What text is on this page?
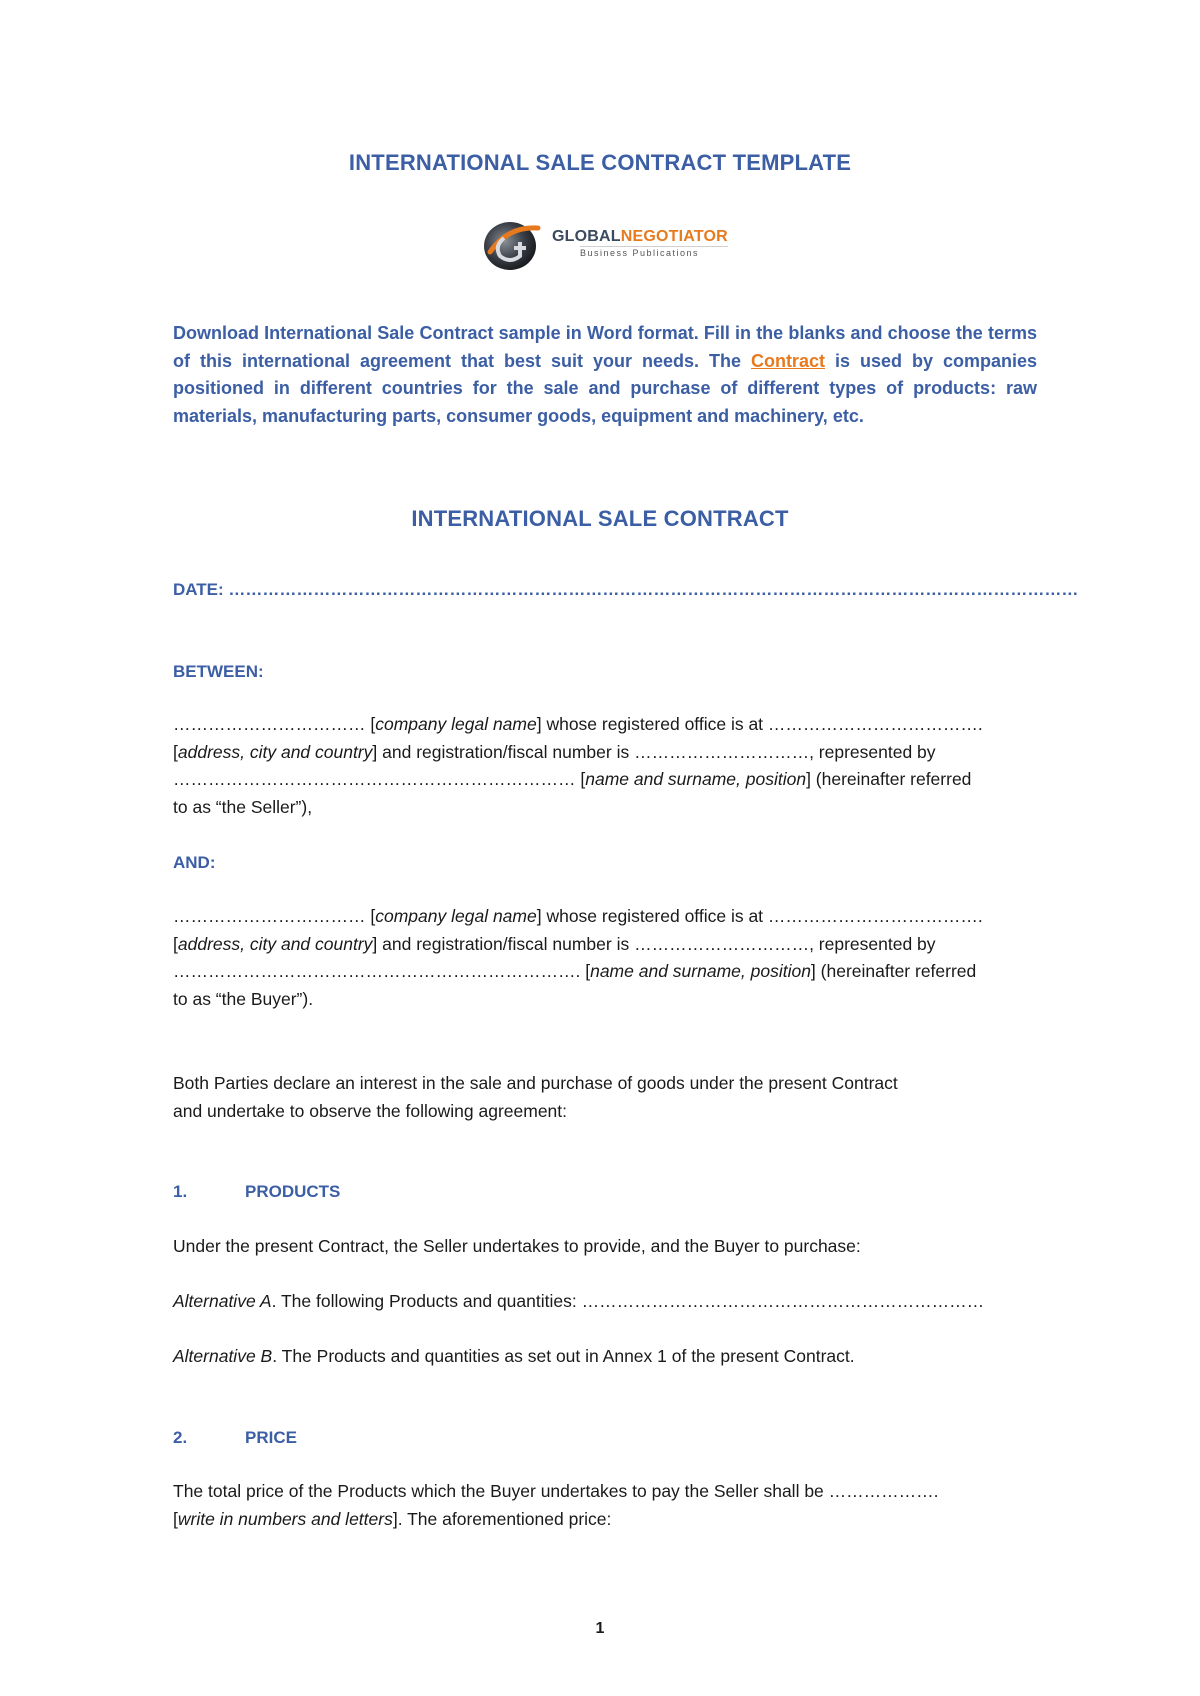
INTERNATIONAL SALE CONTRACT TEMPLATE
GLOBALNEGOTIATOR
Business Publications
Download International Sale Contract sample in Word format. Fill in the blanks and choose the terms of this international agreement that best suit your needs. The Contract is used by companies positioned in different countries for the sale and purchase of different types of products: raw materials, manufacturing parts, consumer goods, equipment and machinery, etc.
INTERNATIONAL SALE CONTRACT
DATE: ……………………………………………………………………………………………………………………………………
BETWEEN:
…………………………… [company legal name] whose registered office is at ……………………………….
[address, city and country] and registration/fiscal number is …………………………, represented by
…………………………………………………………… [name and surname, position] (hereinafter referred
to as “the Seller”),
AND:
…………………………… [company legal name] whose registered office is at ……………………………….
[address, city and country] and registration/fiscal number is …………………………, represented by
……………………………………………………………. [name and surname, position] (hereinafter referred
to as “the Buyer”).
Both Parties declare an interest in the sale and purchase of goods under the present Contract
and undertake to observe the following agreement:
1.	PRODUCTS
Under the present Contract, the Seller undertakes to provide, and the Buyer to purchase:
Alternative A. The following Products and quantities: ……………………………………………………………
Alternative B. The Products and quantities as set out in Annex 1 of the present Contract.
2.	PRICE
The total price of the Products which the Buyer undertakes to pay the Seller shall be ……………….
[write in numbers and letters]. The aforementioned price:
1
